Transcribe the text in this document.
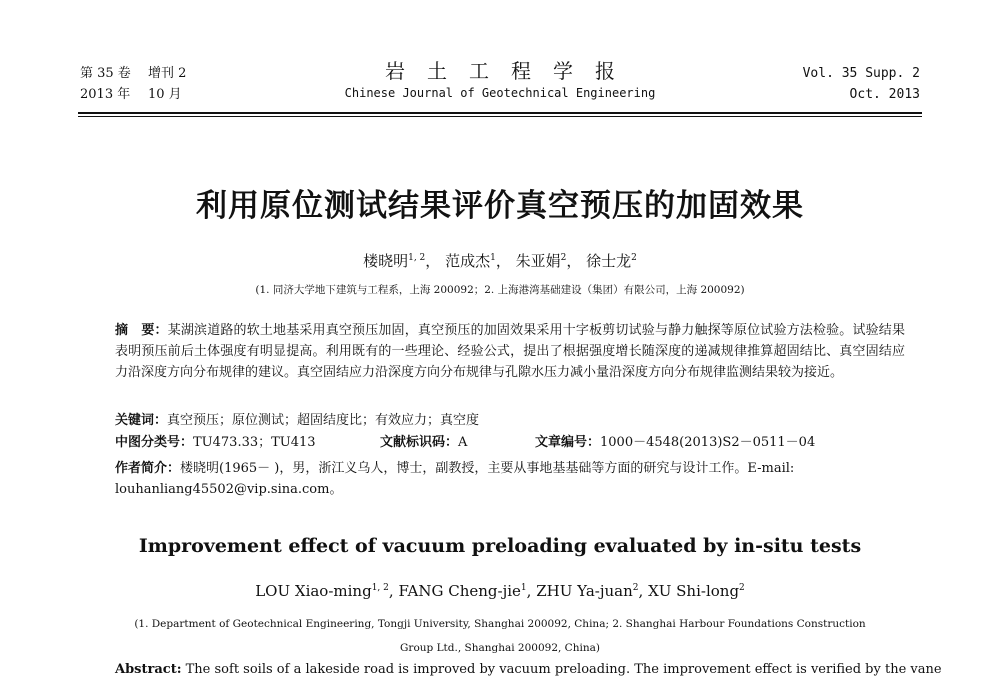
第 35 卷 增刊 2
2013 年 10 月
岩土工程学报
Chinese Journal of Geotechnical Engineering
Vol. 35 Supp. 2
Oct. 2013
利用原位测试结果评价真空预压的加固效果
楼晓明$^{1, 2}$， 范成杰$^1$， 朱亚娟$^2$， 徐士龙$^2$
(1. 同济大学地下建筑与工程系，上海 200092；2. 上海港湾基础建设（集团）有限公司，上海 200092)
摘　要：某湖滨道路的软土地基采用真空预压加固，真空预压的加固效果采用十字板剪切试验与静力触探等原位试验方法检验。试验结果表明预压前后土体强度有明显提高。利用既有的一些理论、经验公式，提出了根据强度增长随深度的递减规律推算超固结比、真空固结应力沿深度方向分布规律的建议。真空固结应力沿深度方向分布规律与孔隙水压力减小量沿深度方向分布规律监测结果较为接近。
关键词：真空预压；原位测试；超固结度比；有效应力；真空度
中图分类号：TU473.33；TU413	文献标识码：A	文章编号：1000－4548(2013)S2－0511－04
作者简介：楼晓明(1965－ )，男，浙江义乌人，博士，副教授，主要从事地基基础等方面的研究与设计工作。E-mail: louhanliang45502@vip.sina.com。
Improvement effect of vacuum preloading evaluated by in-situ tests
LOU Xiao-ming$^{1, 2}$, FANG Cheng-jie$^1$, ZHU Ya-juan$^2$, XU Shi-long$^2$
(1. Department of Geotechnical Engineering, Tongji University, Shanghai 200092, China; 2. Shanghai Harbour Foundations Construction
Group Ltd., Shanghai 200092, China)
Abstract: The soft soils of a lakeside road is improved by vacuum preloading. The improvement effect is verified by the vane
